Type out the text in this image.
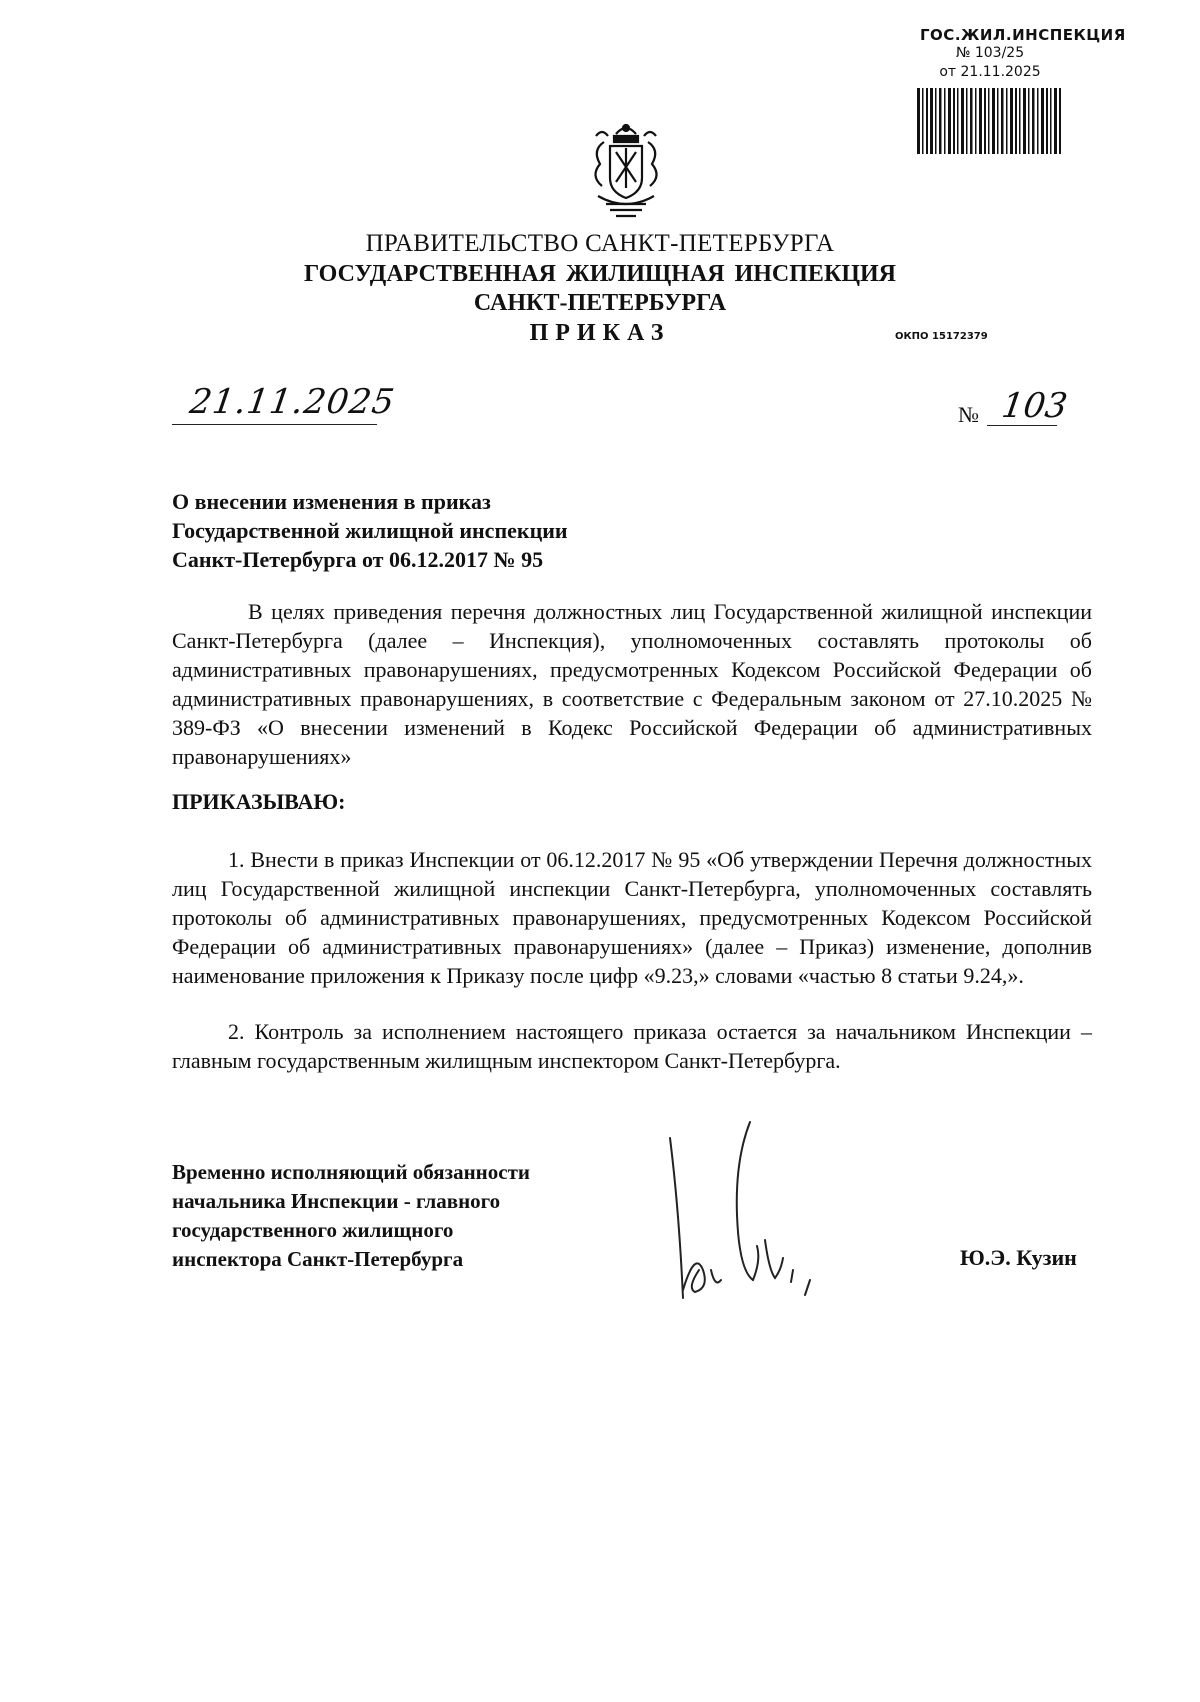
ГОС.ЖИЛ.ИНСПЕКЦИЯ
№ 103/25
от 21.11.2025
ПРАВИТЕЛЬСТВО САНКТ-ПЕТЕРБУРГА
ГОСУДАРСТВЕННАЯ ЖИЛИЩНАЯ ИНСПЕКЦИЯ
САНКТ-ПЕТЕРБУРГА
ПРИКАЗ	ОКПО 15172379
21.11.2025	№ 103
О внесении изменения в приказ
Государственной жилищной инспекции
Санкт-Петербурга от 06.12.2017 № 95
В целях приведения перечня должностных лиц Государственной жилищной инспекции Санкт-Петербурга (далее – Инспекция), уполномоченных составлять протоколы об административных правонарушениях, предусмотренных Кодексом Российской Федерации об административных правонарушениях, в соответствие с Федеральным законом от 27.10.2025 № 389-ФЗ «О внесении изменений в Кодекс Российской Федерации об административных правонарушениях»
ПРИКАЗЫВАЮ:
1. Внести в приказ Инспекции от 06.12.2017 № 95 «Об утверждении Перечня должностных лиц Государственной жилищной инспекции Санкт-Петербурга, уполномоченных составлять протоколы об административных правонарушениях, предусмотренных Кодексом Российской Федерации об административных правонарушениях» (далее – Приказ) изменение, дополнив наименование приложения к Приказу после цифр «9.23,» словами «частью 8 статьи 9.24,».
2. Контроль за исполнением настоящего приказа остается за начальником Инспекции – главным государственным жилищным инспектором Санкт-Петербурга.
Временно исполняющий обязанности
начальника Инспекции - главного
государственного жилищного
инспектора Санкт-Петербурга	Ю.Э. Кузин
